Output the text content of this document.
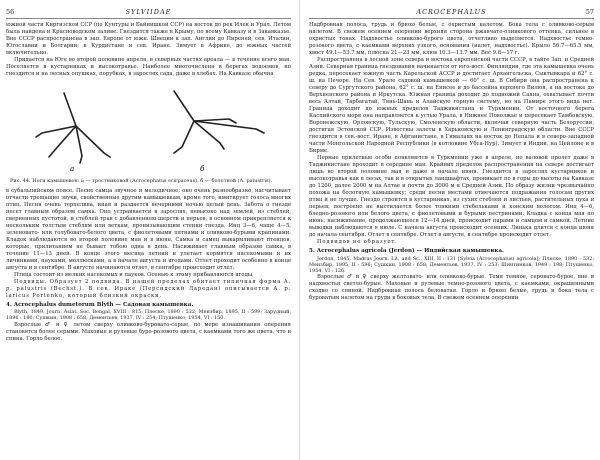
56	SYLVIIDAE

южной части Киргизской ССР (по Кунтуры и Байнишкой ССР) на восток до рек Илек и Урал. Летом была найдена и Красноводском заливе. Гнездится также в Крыму, по всему Кавказу и в Закавказье. Вне СССР распространена в зап. Европе от южн. Швеции к зап. Англии до Пиреней, сев. Италии, Югославии и Болгарии; в Курдистане и сев. Иране. Зимует в Африке, до южных частей включительно.

Придается на Юге во второй половине апреля, в северных частях ареала — в течение всего мая. Поселяется в кустарниках и высокотравье. Наиболее многочислена в берегах водоемов, но гнездится и на лесных опушках, порубках, в зарослях сада, даже в хлебах. На Кавказе обычна

а	б
Рис. 44. Ноги камышевок: а — тростниковой (Acrocephalus scirpaceus), б — болотной (A. palustris).

в субальпийском поясе. Песне самца звучное и мелодичное; оно очень разнообразно, насчитывает отчасти трещащие звуки, свойственные другим камышевкам, кроме того, имитирует голоса многих птиц. Песня очень терпелива, иная и раздается вечерними ночью целый день. Забота о гнезде несет главным образом самка. Оно устраивается в зарослях, невысоко над землей, из стеблей, сверненных пустотой, и стеблей трав с добавлением шерсти и перьев; в основном прикрепляется к нескольким толстым стеблям или веткам, пронизывающим стенки гнезда. Инц 3—6, чаще 4—5, зеленовато- или голубовато-белого цвета, с фиолетовыми пятнами и оливково-бурыми крапинами. Кладок наблюдаются во второй половине мая и в июне. Самка и самец выкармливают птенцов, которые, прилитанием не бывает тобою одна в день. Насиживает главным образом самка, в течение 11—13 дней. В конце этого месяца летний и улетает кормятся насекомыми и их личинками, пауками, моллюсками, а в начале августа и ягодами. Отлет проходит особенно в конце августа и в сентябре. В августе начинаются отлет, в сентябре происходит отлет.

Птица состоит из мелких насекомых и пауков. Осенью к этому прибавляются ягоды.

Подвиды. Образует 2 подвида. В нашей пределах обитает типичная форма A. p. palustris (Bechst.). В сев. Ираке (Персидский Ларедан) описывается A. p. laricus Portenko, который близкий окраски.

4. Acrocephalus dumetorum Blyth — Садовая камышевка.

Blyth, 1849, Journ. Asiat. Soc. Bengal, XVIII : 815; Плеске, 1890 : 532; Мензбир, 1895, II : 599; Зарудный, 1896 : 180; Сушкин, 1908 : 658; Дементьев, 1937, IV : 254; Птушенко, 1954, VI : 150.

Взрослые ♂ и ♀ летом сверху оливково-буровато-серые, по мере изнашивания оперения становятся более серыми. Маховые и рулевые буро-розового цвета, с каемками того же цвета, что и спина. Горло белое.

ACROCEPHALUS	57

Надбровная полоса, грудь и брюхо белые, с охристым налетом. Бока тела с оливково-серым налетом. В свежем осеннем оперении верхняя сторона ржавчато-оливкового оттенка, сильнее в охристых тонах. Надхвостье оливково-бурого цвета, отчетливо выделяется. Надхвостье темно-розового цвета, с каемками верхних узкого, основания (налет, надхвостье). Крыло 56.7—65.5 мм, хвост 49.1—53.7 мм, плюсна 21—23 мм, клюв 10.3—13.7 мм. Вес 9.8—17 г.

Распространена в лесной зоне севера и востока европейской части СССР, в тайге Зап. и Средней Азии. Северная граница гнездования начинается от юго-вост. Финляндии, где эта камышевка очень редка, пересекает южную часть Карельской АССР и достигает Архангельска, Сыктывкара и 62° с. ш. на Печоре. На Сев. Урале садовой камышевкой — 60° с. ш. В Сибири она распространена к северу до Сургутского района, 62° с. ш. на Енисее и до бассейна верхнего Вилюя, а на востоке до Верхненского района и Иркутска. Южная граница доходит до подножий Саяна, охватывает почти весь Алтай, Тарбагатай, Тянь-Шань и Алайскую горную систему, но на Памире этого вида нет. Граница доходит до южных пределов Таджикистана и Туркмении. От восточного берега Каспийского моря она направляется к устью Урала, в Нижнее Поволжье и пересекает Тамбовскую, Воронежскую, Орловскую, Тульскую, Смоленскую области, включая северную часть Белоруссии, достигая Эстонской ССР. Известны залеты в Харьковскую и Ленинградскую области. Вне СССР гнездится в сев.-вост. Иране, в Афганистане, в Гималаях на восток до Непала и в северо-западной части Монгольской Народной Республики (в котловине Убса-Нур). Зимует в Индии, на Цейлоне и в Бирме.

Первые прилетные особи появляются в Туркмении уже в апреле, но валовой пролет даже в Таджикистане проходит в середине мая. Крайних пределов распространения на севере достигает лишь во второй половине мая и даже в начале июня. Гнездится в зарослях кустарников и высокотравья как в лесах, так и в открытых ландшафтах, проникает по в горы до высоты на Кавказе до 1200, далее 2000 м на Алтае и почти до 3000 м в Средней Азии. По образу жизни чрезвычайно похожа на болотную камышевку; среди песни местами отмечаются подражания голосам других птиц и не лучше. Гнездо строится в кустарниках, из сухих стеблей и листьев, растительных пуха и перьев; построено не выстилается более тонкими стебельками и конским волосом. Инц 4—6, бледно-розового или белого цвета, с фиолетовыми и бурыми пестринами. Кладка с конца мая по июнь; насиживание, продолжающееся 12—14 дней, происходит парами и самцом и самкой. Летние выводки наблюдаются в июле. С начала августа происходит осенних. Линька длится с конца июня до начала сентября. Отлет в сентябре. Отлет в августе, в сентябре происходит отлет.

Подвидов не образует.

5. Acrocephalus agricola (Jerdon) — Индийская камышевка.

Jerdon, 1845, Madras Journ. Lit. and Sc., XIII, II : 131 [Sylvia (Acrocephalus) agricola]; Плеске, 1890 : 532; Мензбир, 1895, II : 596; Сушкин, 1908 : 658; Дементьев, 1937, IV : 253; Шинтинков, 1949 : 198; Птушенко, 1954, VI : 126.

Взрослые ♂ и ♀ сверху желтовато- или оливково-бурые. Темя темное, серовато-бурое, вне и надхвостья светло-бурые. Маховые и рулевые темно-розового цвета, с каемками, окрашенными сходно со спиной. Надбровная полоса беловатая. Горло и брюхо белые, грудь и бока тела с буроватым налетом на груди в боковых тела. В свежем осеннем оперении
